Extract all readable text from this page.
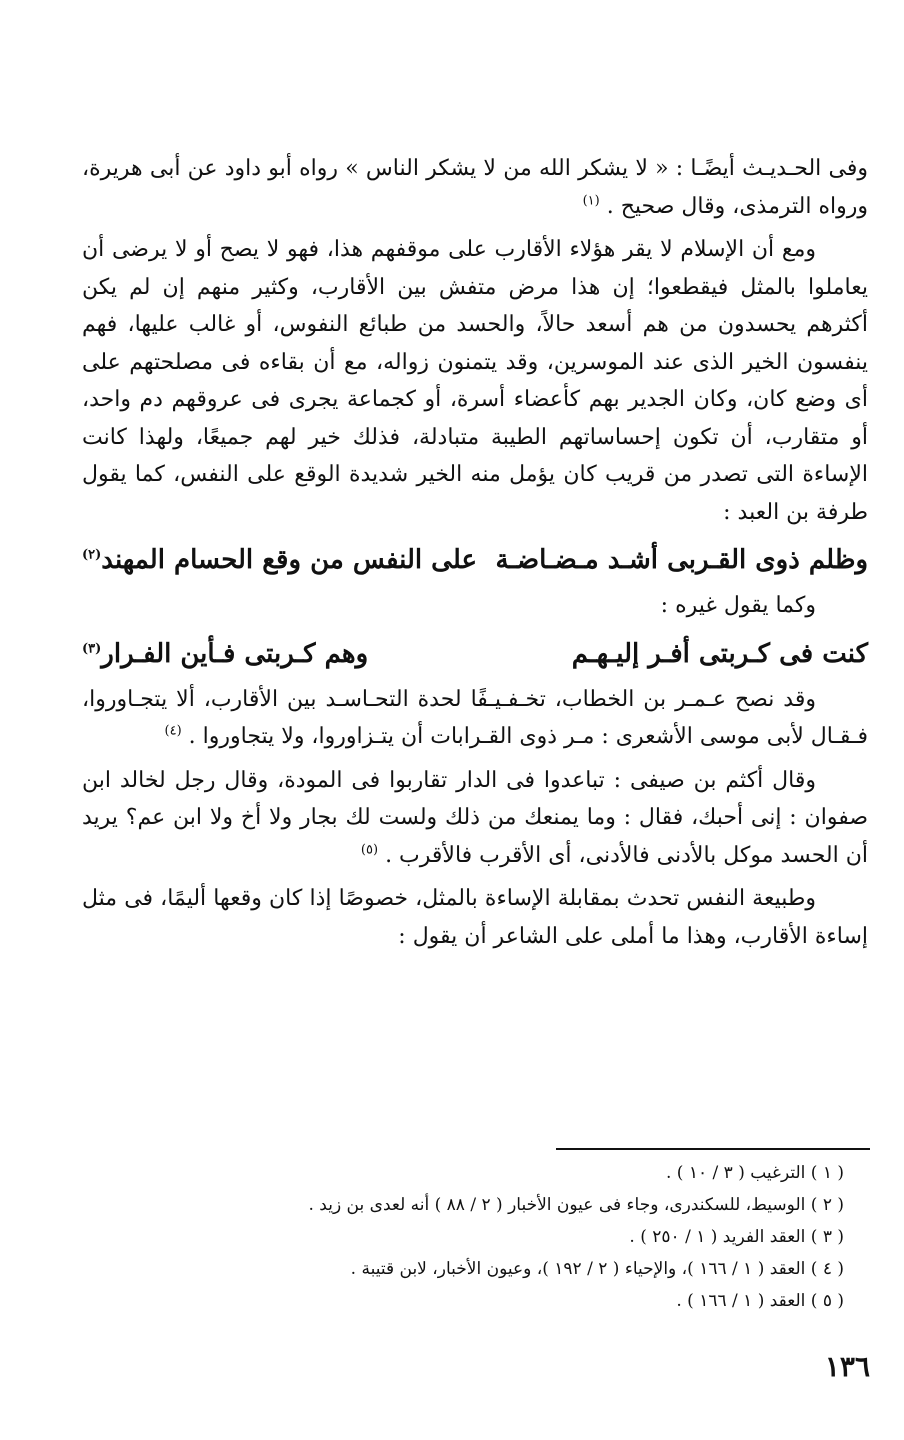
وفى الحـديـث أيضًـا : « لا يشكر الله من لا يشكر الناس » رواه أبو داود عن أبى هريرة، ورواه الترمذى، وقال صحيح . $^{(١)}$

ومع أن الإسلام لا يقر هؤلاء الأقارب على موقفهم هذا، فهو لا يصح أو لا يرضى أن يعاملوا بالمثل فيقطعوا؛ إن هذا مرض متفش بين الأقارب، وكثير منهم إن لم يكن أكثرهم يحسدون من هم أسعد حالاً، والحسد من طبائع النفوس، أو غالب عليها، فهم ينفسون الخير الذى عند الموسرين، وقد يتمنون زواله، مع أن بقاءه فى مصلحتهم على أى وضع كان، وكان الجدير بهم كأعضاء أسرة، أو كجماعة يجرى فى عروقهم دم واحد، أو متقارب، أن تكون إحساساتهم الطيبة متبادلة، فذلك خير لهم جميعًا، ولهذا كانت الإساءة التى تصدر من قريب كان يؤمل منه الخير شديدة الوقع على النفس، كما يقول طرفة بن العبد :

وظلم ذوى القـربى أشـد مـضـاضـة
على النفس من وقع الحسام المهند$^{(٢)}$

وكما يقول غيره :

كنت فى كـربتى أفـر إليـهـم
وهم كـربتى فـأين الفـرار$^{(٣)}$

وقد نصح عـمـر بن الخطاب، تخـفـيـفًا لحدة التحـاسـد بين الأقارب، ألا يتجـاوروا، فـقـال لأبى موسى الأشعرى : مـر ذوى القـرابات أن يتـزاوروا، ولا يتجاوروا . $^{(٤)}$

وقال أكثم بن صيفى : تباعدوا فى الدار تقاربوا فى المودة، وقال رجل لخالد ابن صفوان : إنى أحبك، فقال : وما يمنعك من ذلك ولست لك بجار ولا أخ ولا ابن عم؟ يريد أن الحسد موكل بالأدنى فالأدنى، أى الأقرب فالأقرب . $^{(٥)}$

وطبيعة النفس تحدث بمقابلة الإساءة بالمثل، خصوصًا إذا كان وقعها أليمًا، فى مثل إساءة الأقارب، وهذا ما أملى على الشاعر أن يقول :

( ١ ) الترغيب ( ٣ / ١٠ ) .
( ٢ ) الوسيط، للسكندرى، وجاء فى عيون الأخبار ( ٢ / ٨٨ ) أنه لعدى بن زيد .
( ٣ ) العقد الفريد ( ١ / ٢٥٠ ) .
( ٤ ) العقد ( ١ / ١٦٦ )، والإحياء ( ٢ / ١٩٢ )، وعيون الأخبار، لابن قتيبة .
( ٥ ) العقد ( ١ / ١٦٦ ) .
١٣٦
